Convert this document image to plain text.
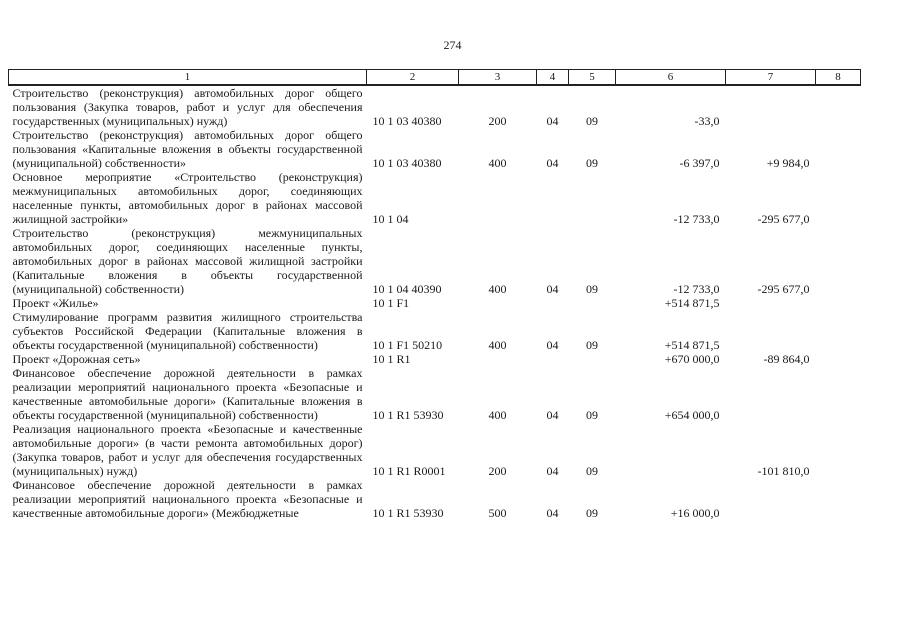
274
1	2	3	4	5	6	7	8
Строительство (реконструкция) автомобильных дорог общего пользования (Закупка товаров, работ и услуг для обеспечения государственных (муниципальных) нужд)	10 1 03 40380	200	04	09	-33,0		
Строительство (реконструкция) автомобильных дорог общего пользования «Капитальные вложения в объекты государственной (муниципальной) собственности»	10 1 03 40380	400	04	09	-6 397,0	+9 984,0	
Основное мероприятие «Строительство (реконструкция) межмуниципальных автомобильных дорог, соединяющих населенные пункты, автомобильных дорог в районах массовой жилищной застройки»	10 1 04				-12 733,0	-295 677,0	
Строительство (реконструкция) межмуниципальных автомобильных дорог, соединяющих населенные пункты, автомобильных дорог в районах массовой жилищной застройки (Капитальные вложения в объекты государственной (муниципальной) собственности)	10 1 04 40390	400	04	09	-12 733,0	-295 677,0	
Проект «Жилье»	10 1 F1				+514 871,5		
Стимулирование программ развития жилищного строительства субъектов Российской Федерации (Капитальные вложения в объекты государственной (муниципальной) собственности)	10 1 F1 50210	400	04	09	+514 871,5		
Проект «Дорожная сеть»	10 1 R1				+670 000,0	-89 864,0	
Финансовое обеспечение дорожной деятельности в рамках реализации мероприятий национального проекта «Безопасные и качественные автомобильные дороги» (Капитальные вложения в объекты государственной (муниципальной) собственности)	10 1 R1 53930	400	04	09	+654 000,0		
Реализация национального проекта «Безопасные и качественные автомобильные дороги» (в части ремонта автомобильных дорог) (Закупка товаров, работ и услуг для обеспечения государственных (муниципальных) нужд)	10 1 R1 R0001	200	04	09		-101 810,0	
Финансовое обеспечение дорожной деятельности в рамках реализации мероприятий национального проекта «Безопасные и качественные автомобильные дороги» (Межбюджетные	10 1 R1 53930	500	04	09	+16 000,0		
